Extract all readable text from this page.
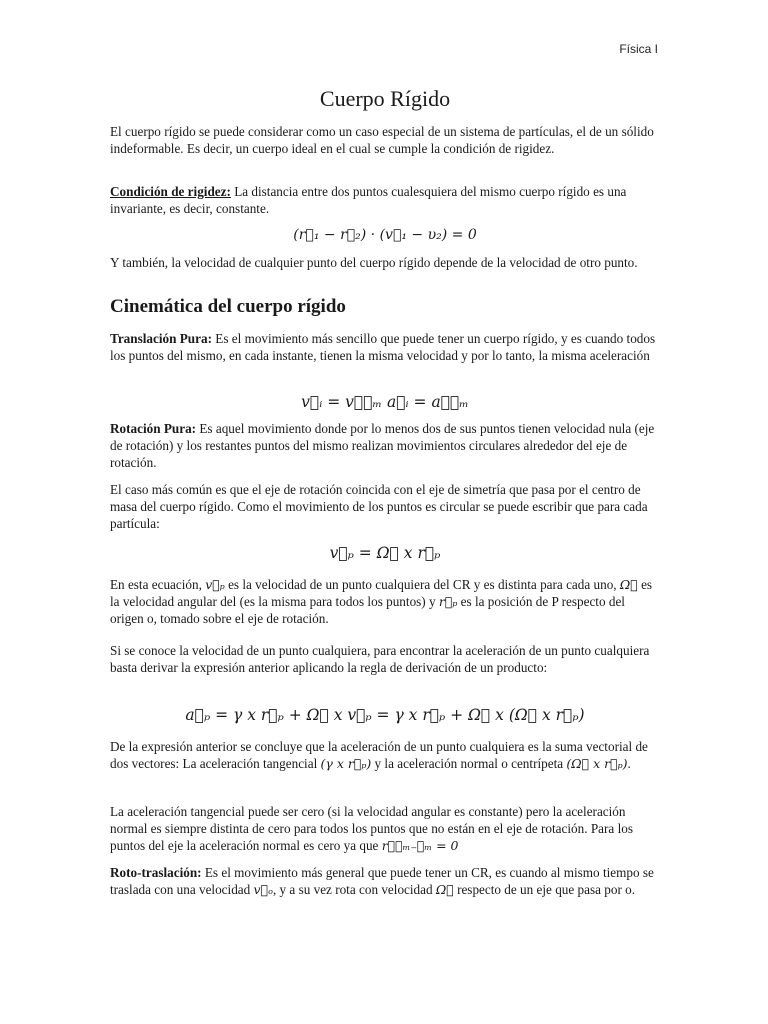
Física I
Cuerpo Rígido

El cuerpo rígido se puede considerar como un caso especial de un sistema de partículas, el de un sólido indeformable. Es decir, un cuerpo ideal en el cual se cumple la condición de rigidez.

Condición de rigidez: La distancia entre dos puntos cualesquiera del mismo cuerpo rígido es una invariante, es decir, constante.

(r⃗₁ − r⃗₂) · (v⃗₁ − υ₂) = 0

Y también, la velocidad de cualquier punto del cuerpo rígido depende de la velocidad de otro punto.

Cinemática del cuerpo rígido

Translación Pura: Es el movimiento más sencillo que puede tener un cuerpo rígido, y es cuando todos los puntos del mismo, en cada instante, tienen la misma velocidad y por lo tanto, la misma aceleración

v⃗ᵢ = v⃗꜀ₘ a⃗ᵢ = a⃗꜀ₘ

Rotación Pura: Es aquel movimiento donde por lo menos dos de sus puntos tienen velocidad nula (eje de rotación) y los restantes puntos del mismo realizan movimientos circulares alrededor del eje de rotación.

El caso más común es que el eje de rotación coincida con el eje de simetría que pasa por el centro de masa del cuerpo rígido. Como el movimiento de los puntos es circular se puede escribir que para cada partícula:

v⃗ₚ = Ω⃗ x r⃗ₚ

En esta ecuación, v⃗ₚ es la velocidad de un punto cualquiera del CR y es distinta para cada uno, Ω⃗ es la velocidad angular del (es la misma para todos los puntos) y r⃗ₚ es la posición de P respecto del origen o, tomado sobre el eje de rotación.

Si se conoce la velocidad de un punto cualquiera, para encontrar la aceleración de un punto cualquiera basta derivar la expresión anterior aplicando la regla de derivación de un producto:

a⃗ₚ = γ x r⃗ₚ + Ω⃗ x v⃗ₚ = γ x r⃗ₚ + Ω⃗ x (Ω⃗ x r⃗ₚ)

De la expresión anterior se concluye que la aceleración de un punto cualquiera es la suma vectorial de dos vectores: La aceleración tangencial (γ x r⃗ₚ) y la aceleración normal o centrípeta (Ω⃗ x r⃗ₚ).

La aceleración tangencial puede ser cero (si la velocidad angular es constante) pero la aceleración normal es siempre distinta de cero para todos los puntos que no están en el eje de rotación. Para los puntos del eje la aceleración normal es cero ya que r⃗꜀ₘ₋꜀ₘ = 0

Roto-traslación: Es el movimiento más general que puede tener un CR, es cuando al mismo tiempo se traslada con una velocidad v⃗ₒ, y a su vez rota con velocidad Ω⃗ respecto de un eje que pasa por o.
